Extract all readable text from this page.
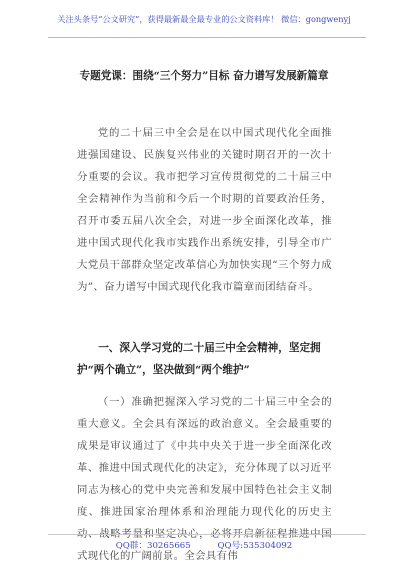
关注头条号“公文研究”，获得最新最全最专业的公文资料库！ 微信：gongwenyj
专题党课：围绕“三个努力”目标 奋力谱写发展新篇章
党的二十届三中全会是在以中国式现代化全面推进强国建设、民族复兴伟业的关键时期召开的一次十分重要的会议。我市把学习宣传贯彻党的二十届三中全会精神作为当前和今后一个时期的首要政治任务，召开市委五届八次全会，对进一步全面深化改革，推进中国式现代化我市实践作出系统安排，引导全市广大党员干部群众坚定改革信心为加快实现“三个努力成为”、奋力谱写中国式现代化我市篇章而团结奋斗。
一、深入学习党的二十届三中全会精神，坚定拥护“两个确立”，坚决做到“两个维护”
（一）准确把握深入学习党的二十届三中全会的重大意义。全会具有深远的政治意义。全会最重要的成果是审议通过了《中共中央关于进一步全面深化改革、推进中国式现代化的决定》，充分体现了以习近平同志为核心的党中央完善和发展中国特色社会主义制度、推进国家治理体系和治理能力现代化的历史主动、战略考量和坚定决心，必将开启新征程推进中国式现代化的广阔前景。全会具有伟
QQ群：30265665	QQ号:535304092
